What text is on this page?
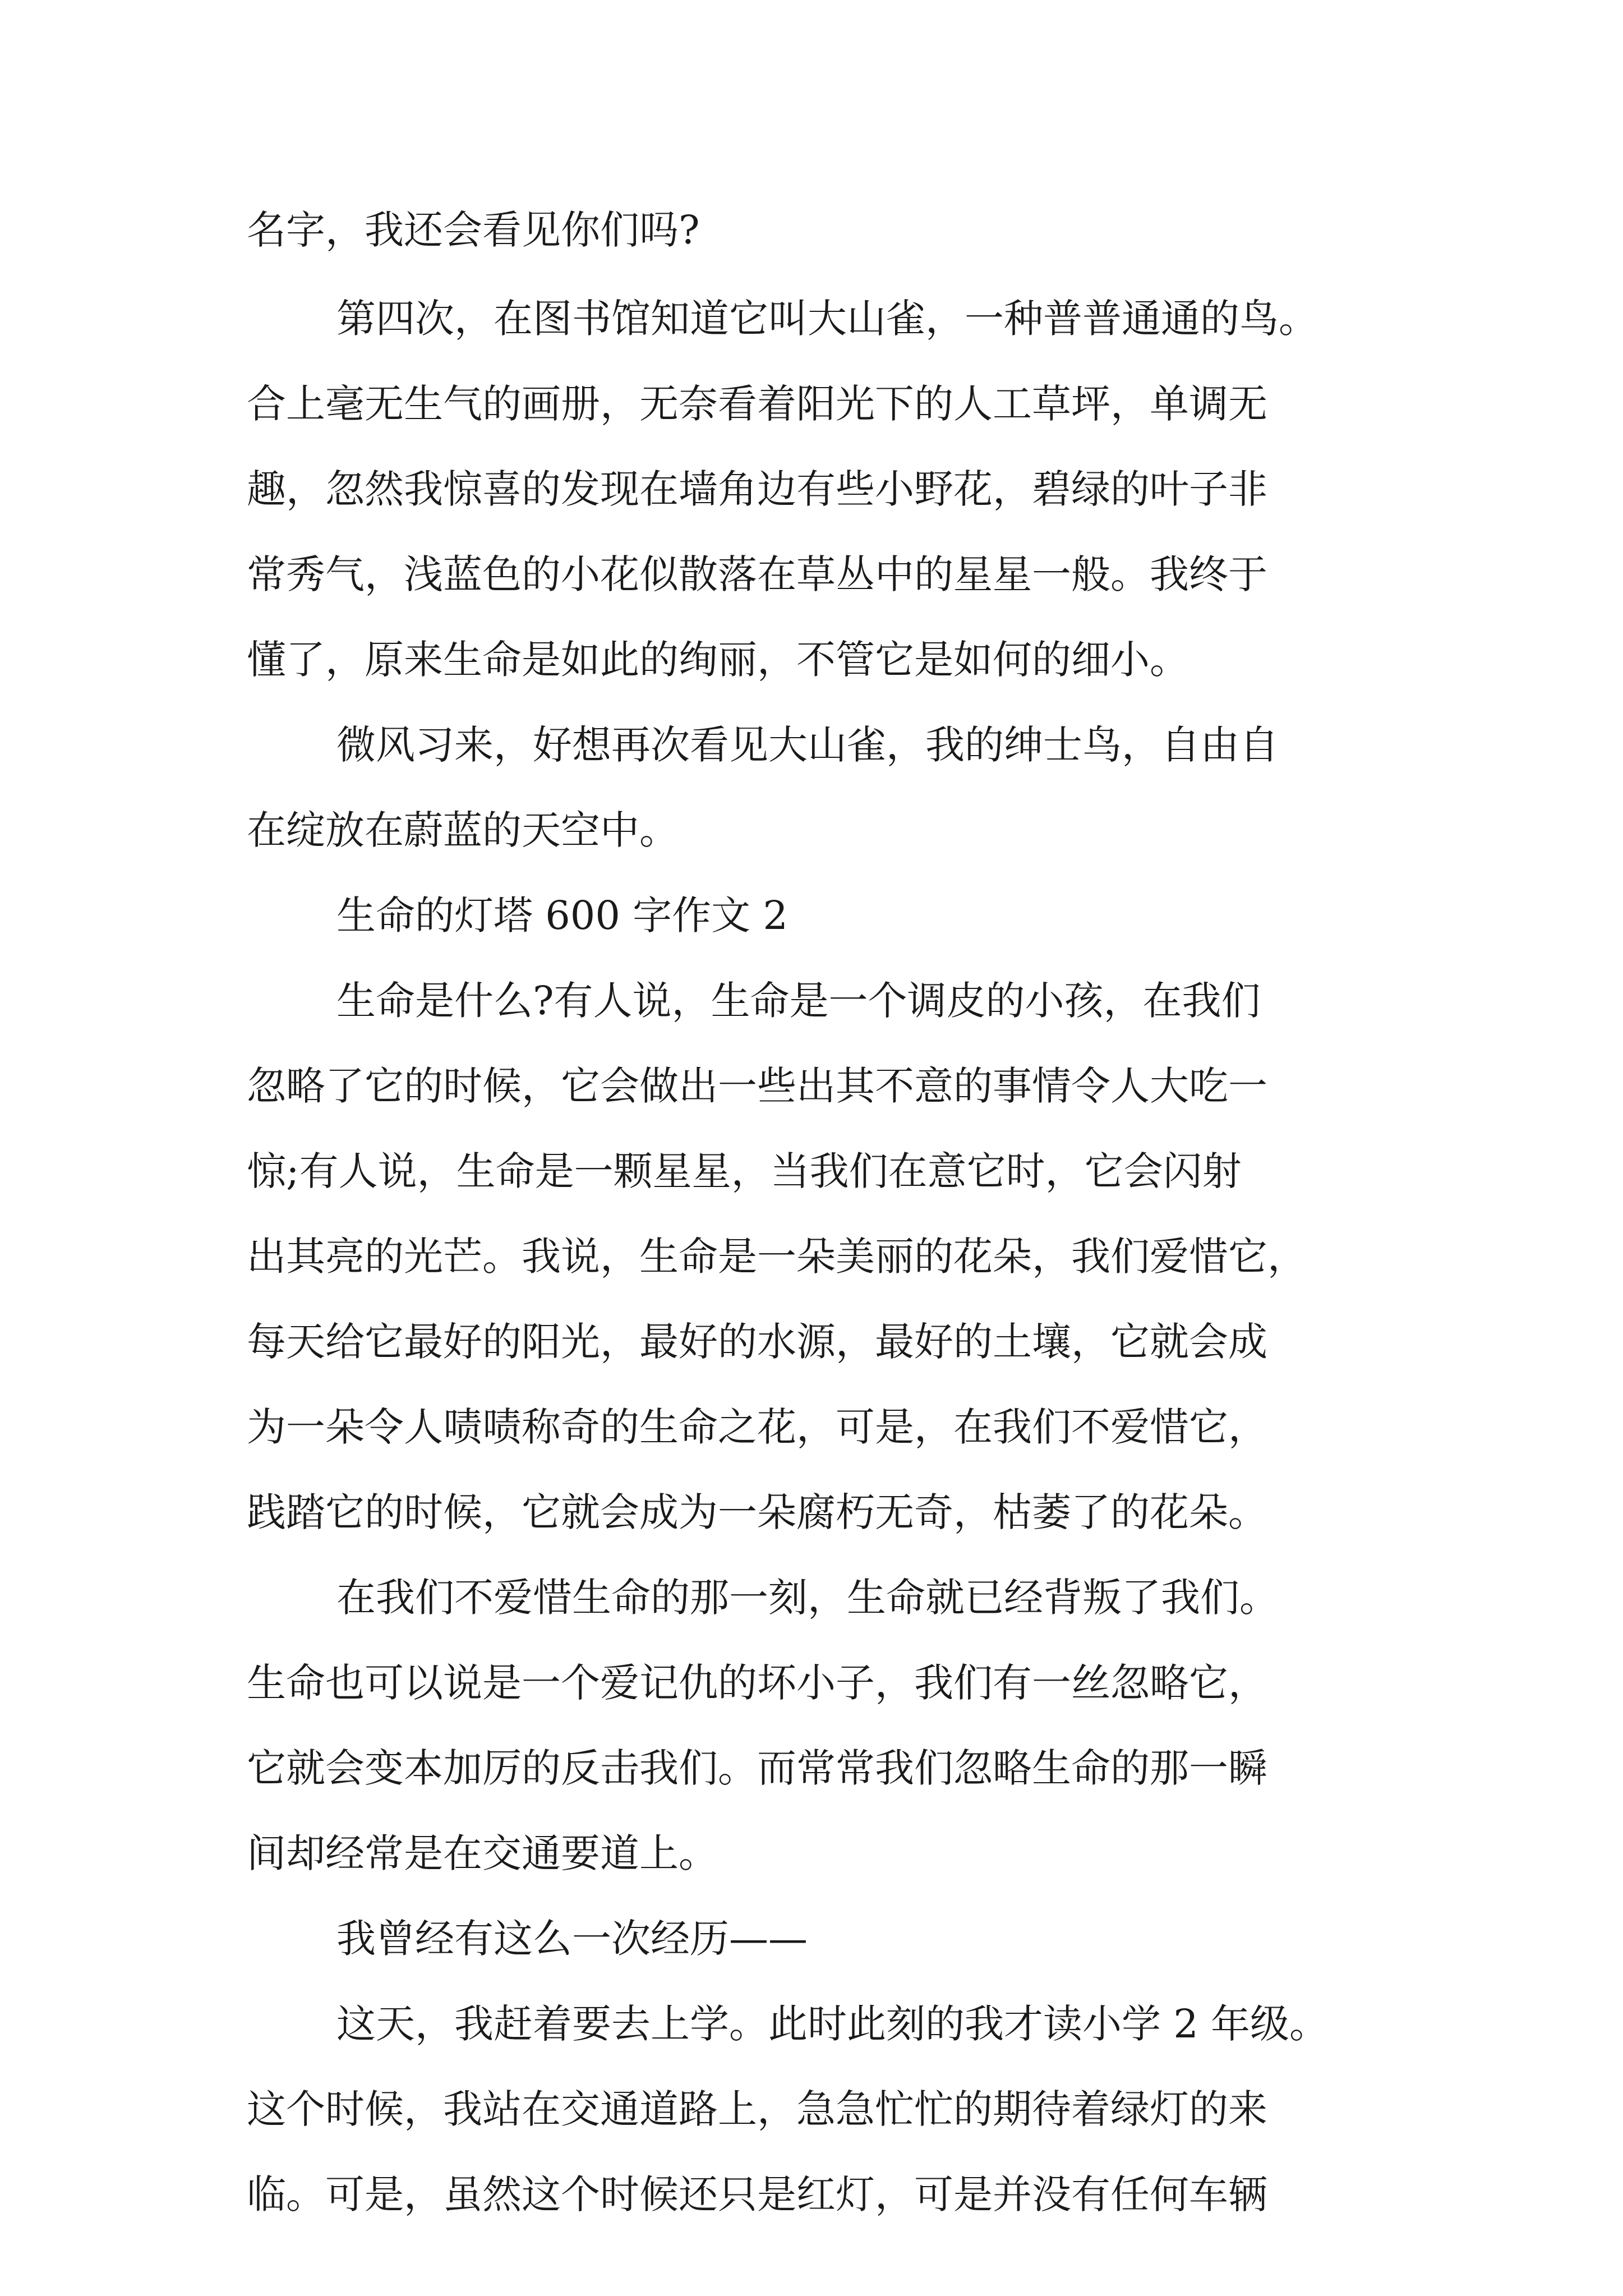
名字，我还会看见你们吗?
第四次，在图书馆知道它叫大山雀，一种普普通通的鸟。
合上毫无生气的画册，无奈看着阳光下的人工草坪，单调无
趣，忽然我惊喜的发现在墙角边有些小野花，碧绿的叶子非
常秀气，浅蓝色的小花似散落在草丛中的星星一般。我终于
懂了，原来生命是如此的绚丽，不管它是如何的细小。
微风习来，好想再次看见大山雀，我的绅士鸟，自由自
在绽放在蔚蓝的天空中。
生命的灯塔 600 字作文 2
生命是什么?有人说，生命是一个调皮的小孩，在我们
忽略了它的时候，它会做出一些出其不意的事情令人大吃一
惊;有人说，生命是一颗星星，当我们在意它时，它会闪射
出其亮的光芒。我说，生命是一朵美丽的花朵，我们爱惜它，
每天给它最好的阳光，最好的水源，最好的土壤，它就会成
为一朵令人啧啧称奇的生命之花，可是，在我们不爱惜它，
践踏它的时候，它就会成为一朵腐朽无奇，枯萎了的花朵。
在我们不爱惜生命的那一刻，生命就已经背叛了我们。
生命也可以说是一个爱记仇的坏小子，我们有一丝忽略它，
它就会变本加厉的反击我们。而常常我们忽略生命的那一瞬
间却经常是在交通要道上。
我曾经有这么一次经历——
这天，我赶着要去上学。此时此刻的我才读小学 2 年级。
这个时候，我站在交通道路上，急急忙忙的期待着绿灯的来
临。可是，虽然这个时候还只是红灯，可是并没有任何车辆
